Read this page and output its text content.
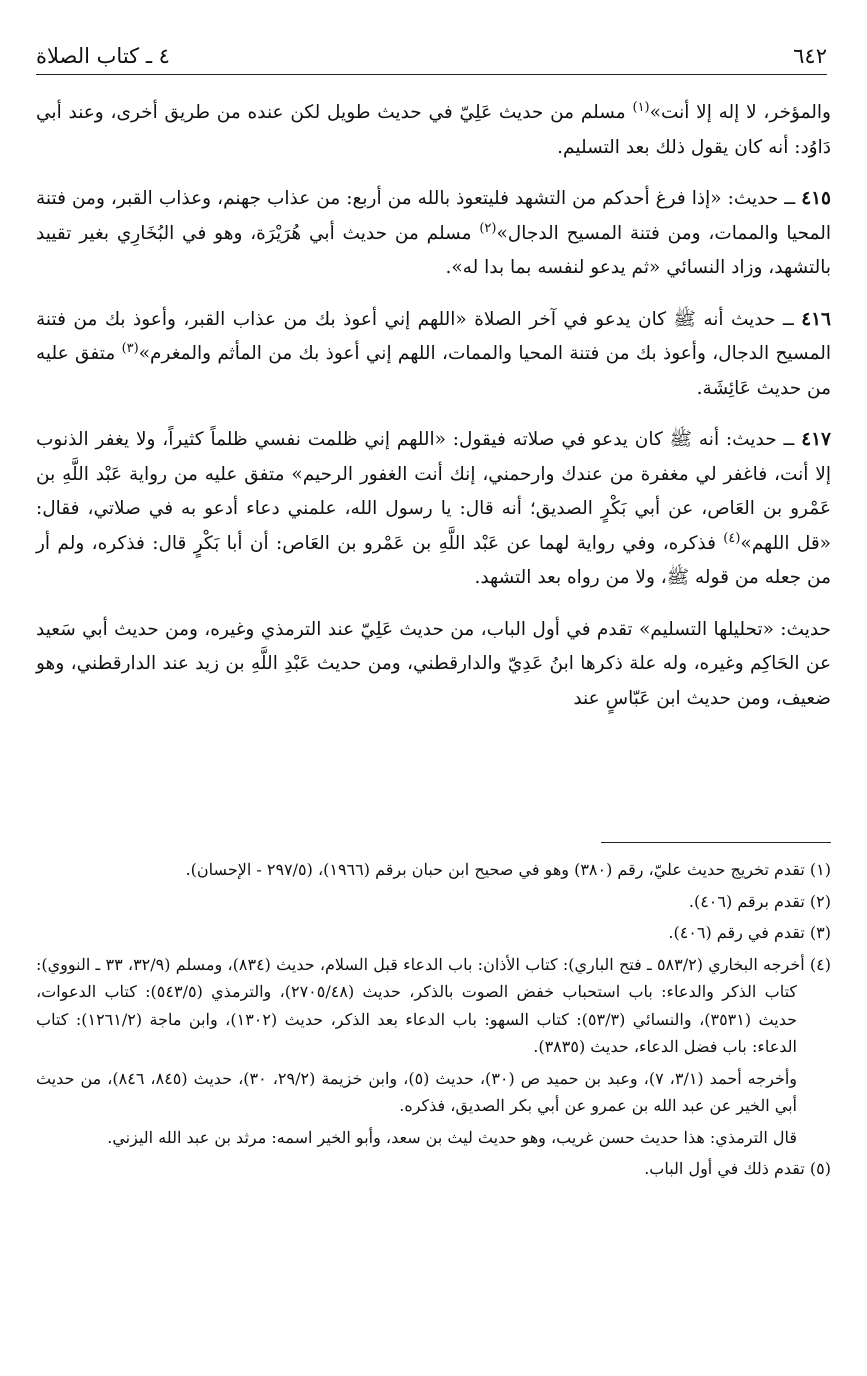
٦٤٢
٤ ـ كتاب الصلاة

والمؤخر، لا إله إلا أنت»$^{(١)}$ مسلم من حديث عَلِيّ في حديث طويل لكن عنده من طريق أخرى، وعند أبي دَاوُد: أنه كان يقول ذلك بعد التسليم.

٤١٥ ــ حديث: «إذا فرغ أحدكم من التشهد فليتعوذ بالله من أربع: من عذاب جهنم، وعذاب القبر، ومن فتنة المحيا والممات، ومن فتنة المسيح الدجال»$^{(٢)}$ مسلم من حديث أبي هُرَيْرَة، وهو في البُخَارِي بغير تقييد بالتشهد، وزاد النسائي «ثم يدعو لنفسه بما بدا له».

٤١٦ ــ حديث أنه ﷺ كان يدعو في آخر الصلاة «اللهم إني أعوذ بك من عذاب القبر، وأعوذ بك من فتنة المسيح الدجال، وأعوذ بك من فتنة المحيا والممات، اللهم إني أعوذ بك من المأثم والمغرم»$^{(٣)}$ متفق عليه من حديث عَائِشَة.

٤١٧ ــ حديث: أنه ﷺ كان يدعو في صلاته فيقول: «اللهم إني ظلمت نفسي ظلماً كثيراً، ولا يغفر الذنوب إلا أنت، فاغفر لي مغفرة من عندك وارحمني، إنك أنت الغفور الرحيم» متفق عليه من رواية عَبْد اللَّهِ بن عَمْرو بن العَاص، عن أبي بَكْرٍ الصديق؛ أنه قال: يا رسول الله، علمني دعاء أدعو به في صلاتي، فقال: «قل اللهم»$^{(٤)}$ فذكره، وفي رواية لهما عن عَبْد اللَّهِ بن عَمْرو بن العَاص: أن أبا بَكْرٍ قال: فذكره، ولم أر من جعله من قوله ﷺ، ولا من رواه بعد التشهد.

حديث: «تحليلها التسليم» تقدم في أول الباب، من حديث عَلِيّ عند الترمذي وغيره، ومن حديث أبي سَعيد عن الحَاكِم وغيره، وله علة ذكرها ابنُ عَدِيّ والدارقطني، ومن حديث عَبْدِ اللَّهِ بن زيد عند الدارقطني، وهو ضعيف، ومن حديث ابن عَبّاسٍ عند

(١) تقدم تخريج حديث عليّ، رقم (٣٨٠) وهو في صحيح ابن حبان برقم (١٩٦٦)، (٢٩٧/٥ - الإحسان).

(٢) تقدم برقم (٤٠٦).

(٣) تقدم في رقم (٤٠٦).

(٤) أخرجه البخاري (٥٨٣/٢ ـ فتح الباري): كتاب الأذان: باب الدعاء قبل السلام، حديث (٨٣٤)، ومسلم (٣٢/٩، ٣٣ ـ النووي): كتاب الذكر والدعاء: باب استحباب خفض الصوت بالذكر، حديث (٢٧٠٥/٤٨)، والترمذي (٥٤٣/٥): كتاب الدعوات، حديث (٣٥٣١)، والنسائي (٥٣/٣): كتاب السهو: باب الدعاء بعد الذكر، حديث (١٣٠٢)، وابن ماجة (١٢٦١/٢): كتاب الدعاء: باب فضل الدعاء، حديث (٣٨٣٥).

وأخرجه أحمد (٣/١، ٧)، وعبد بن حميد ص (٣٠)، حديث (٥)، وابن خزيمة (٢٩/٢، ٣٠)، حديث (٨٤٥، ٨٤٦)، من حديث أبي الخير عن عبد الله بن عمرو عن أبي بكر الصديق، فذكره.

قال الترمذي: هذا حديث حسن غريب، وهو حديث ليث بن سعد، وأبو الخير اسمه: مرثد بن عبد الله اليزني.

(٥) تقدم ذلك في أول الباب.
